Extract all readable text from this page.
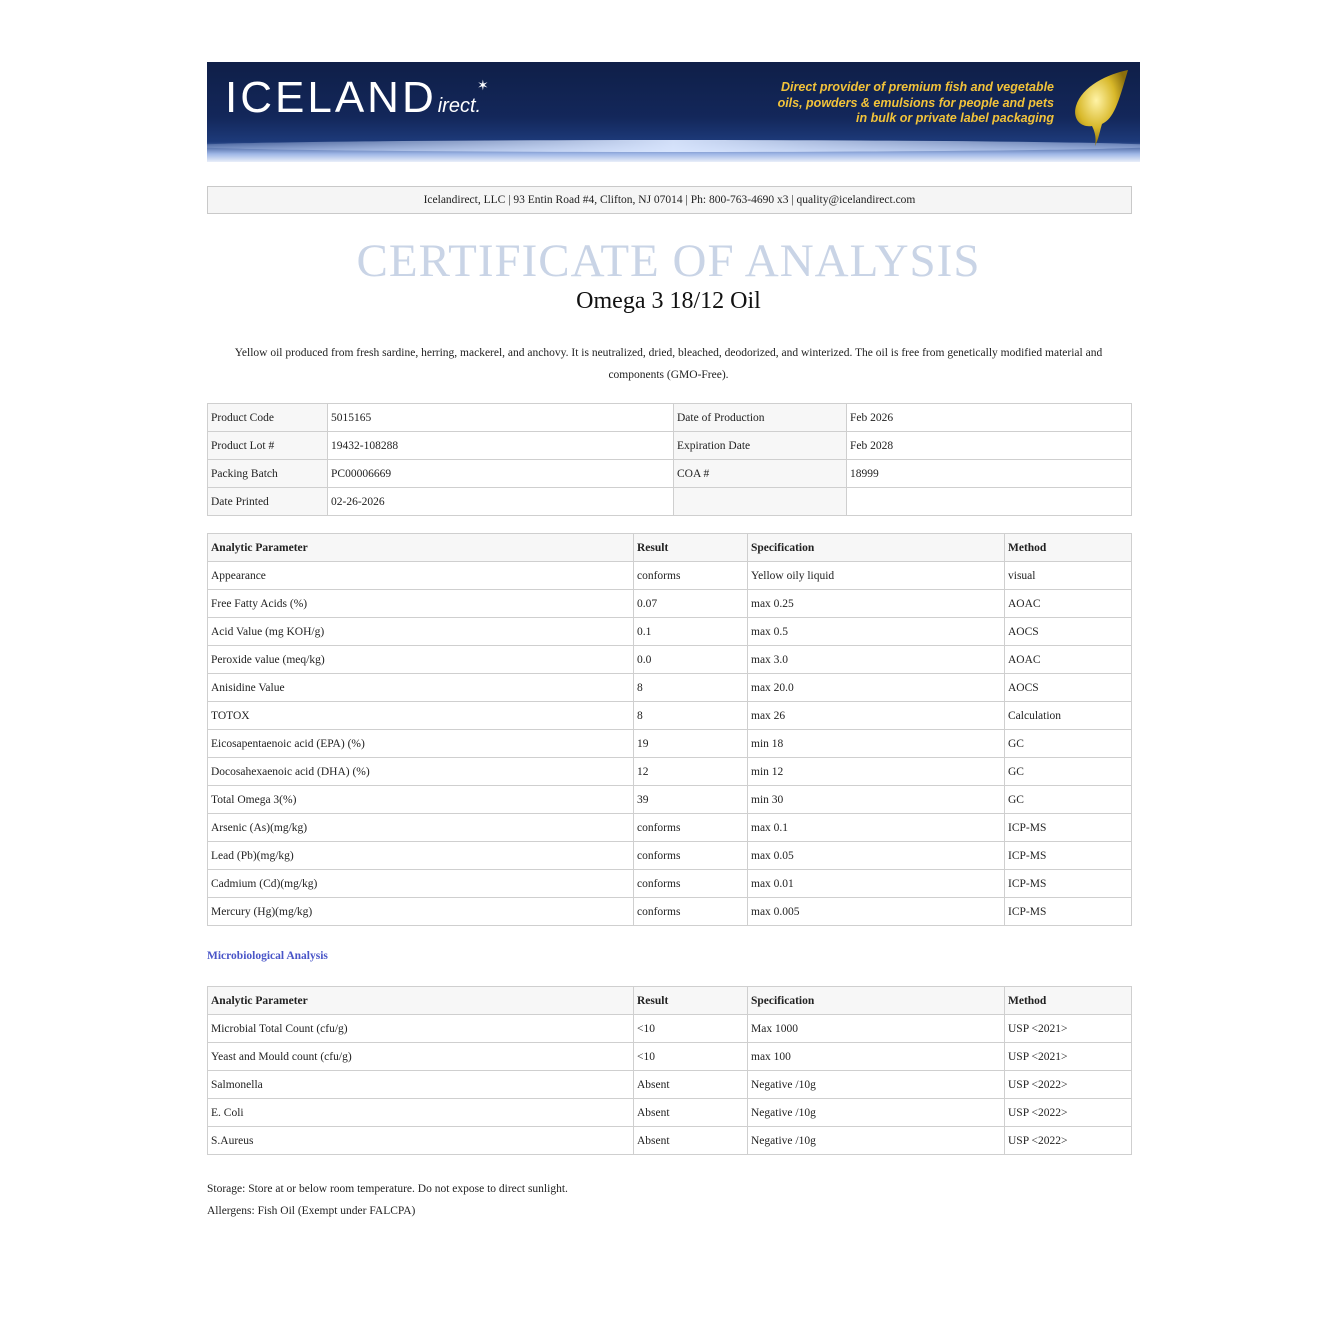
ICELANDirect.
✶	Direct provider of premium fish and vegetable
oils, powders & emulsions for people and pets
in bulk or private label packaging
Icelandirect, LLC | 93 Entin Road #4, Clifton, NJ 07014 | Ph: 800-763-4690 x3 | quality@icelandirect.com
CERTIFICATE OF ANALYSIS
Omega 3 18/12 Oil
Yellow oil produced from fresh sardine, herring, mackerel, and anchovy. It is neutralized, dried, bleached, deodorized, and winterized. The oil is free from genetically modified material and components (GMO-Free).
Product Code	5015165	Date of Production	Feb 2026
Product Lot #	19432-108288	Expiration Date	Feb 2028
Packing Batch	PC00006669	COA #	18999
Date Printed	02-26-2026		
Analytic Parameter	Result	Specification	Method
Appearance	conforms	Yellow oily liquid	visual
Free Fatty Acids (%)	0.07	max 0.25	AOAC
Acid Value (mg KOH/g)	0.1	max 0.5	AOCS
Peroxide value (meq/kg)	0.0	max 3.0	AOAC
Anisidine Value	8	max 20.0	AOCS
TOTOX	8	max 26	Calculation
Eicosapentaenoic acid (EPA) (%)	19	min 18	GC
Docosahexaenoic acid (DHA) (%)	12	min 12	GC
Total Omega 3(%)	39	min 30	GC
Arsenic (As)(mg/kg)	conforms	max 0.1	ICP-MS
Lead (Pb)(mg/kg)	conforms	max 0.05	ICP-MS
Cadmium (Cd)(mg/kg)	conforms	max 0.01	ICP-MS
Mercury (Hg)(mg/kg)	conforms	max 0.005	ICP-MS
Microbiological Analysis
Analytic Parameter	Result	Specification	Method
Microbial Total Count (cfu/g)	<10	Max 1000	USP <2021>
Yeast and Mould count (cfu/g)	<10	max 100	USP <2021>
Salmonella	Absent	Negative /10g	USP <2022>
E. Coli	Absent	Negative /10g	USP <2022>
S.Aureus	Absent	Negative /10g	USP <2022>
Storage: Store at or below room temperature. Do not expose to direct sunlight.
Allergens: Fish Oil (Exempt under FALCPA)
